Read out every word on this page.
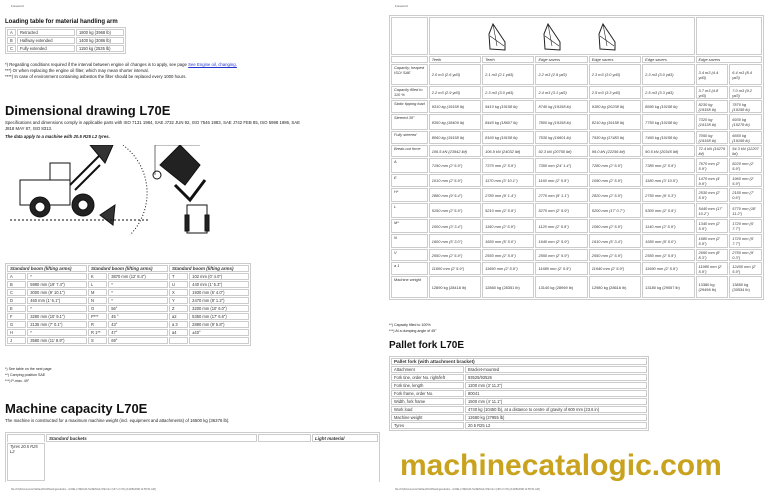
Foreword
Loading table for material handling arm
A	Retracted	1800 kg (3968 lb)
B	Halfway extended	1400 kg (3086 lb)
C	Fully extended	1150 kg (2535 lb)
*) Regarding conditions required if the interval between engine oil changes is to apply, see page See Engine oil, changing.
***) Or when replacing the engine oil filter, which may mean shorter interval.
****) In case of environment containing asbestos the filter should be replaced every 1000 hours.
Dimensional drawing L70E
Specifications and dimensions comply in applicable parts with ISO 7131 1984, SAE J732 JUN 92, ISO 7546 1983, SAE J742 FEB 85, ISO 5998 1986, SAE J818 MAY 87, ISO 8313.
The data apply to a machine with 20.5 R25 L2 tyres.
Standard boom (lifting arms)		Standard boom (lifting arms)		Standard boom (lifting arms)	
A	*	K	3870 mm (12' 8.4")	T	102 mm (0' 4.0")
B	5980 mm (19' 7.4")	L	*	U	440 mm (1' 5.3")
C	3000 mm (9' 10.1")	M	*	X	1930 mm (6' 4.0")
D	460 mm (1' 6.1")	N	*	Y	2470 mm (8' 1.2")
E	*	O	56°	Z	3200 mm (10' 6.0")
F	3280 mm (10' 9.1")	P***	45 °	a2	5350 mm (17' 6.6")
G	2135 mm (7' 0.1")	R	43°	a 3	2890 mm (9' 5.8")
H	*	R 1**	47°	a4	±40°
J	3580 mm (11' 8.9")	S	69°		
*) See table on the next page
**) Carrying position SAE
***) P-max. 49°
Machine capacity L70E
The machine is constructed for a maximum machine weight (incl. equipment and attachments) of 16500 kg (36376 lb).
	Standard buckets		Light material
Tyres 20.5 R25 L2			
file:///C|/Documents%20and%20Settings/ukrdoc.../L60E-L70E%20-%20ENG/L70E.htm (167 of 176) [14/08/2008 11:55:51 AM]
machinecatalogic.com
Foreword

	Teeth	Teeth	Edge savers	Edge savers	Edge savers	Edge savers	
Capacity, heaped ISO/ SAE	2.0 m3 (2.6 yd3)	2.1 m3 (2.1 yd3)	2.2 m3 (2.9 yd3)	2.3 m3 (3.0 yd3)	2.3 m3 (3.0 yd3)	3.4 m3 (4.4 yd3)	6.4 m3 (8.4 yd3)
Capacity filled to 110 %	2.2 m3 (2.9 yd3)	2.3 m3 (3.0 yd3)	2.4 m3 (3.1 yd3)	2.5 m3 (3.3 yd3)	2.5 m3 (3.3 yd3)	3.7 m3 (4.8 yd3)	7.0 m3 (9.2 yd3)
Static tipping load	9310 kg (19158 lb)	9410 kg (19158 lb)	8740 kg (19158 lb)	9180 kg (20238 lb)	8690 kg (19158 lb)	8230 kg (19158 lb)	7870 kg (19158 lb)
Steered 35°	8350 kg (18409 lb)	8440 kg (18607 lb)	7800 kg (19158 lb)	8210 kg (19158 lb)	7750 kg (19158 lb)	7320 kg (16138 lb)	6930 kg (15278 lb)
Fully steered	8060 kg (19158 lb)	8160 kg (19158 lb)	7530 kg (16601 lb)	7930 kg (17483 lb)	7460 kg (19158 lb)	7050 kg (19158 lb)	6650 kg (19158 lb)
Break-out force	106.5 kN (23942 lbf)	106.9 kN (24032 lbf)	92.3 kN (20750 lbf)	99.0 kN (22256 lbf)	90.5 kN (20345 lbf)	72.4 kN (16276 lbf)	54.3 kN (12207 lbf)
A	7190 mm (2' 5.9")	7370 mm (2' 5.9")	7350 mm (24' 1.4")	7280 mm (2' 5.9")	7380 mm (2' 5.9")	7670 mm (2' 5.9")	8220 mm (2' 5.9")
E	1010 mm (2' 5.9")	1170 mm (3' 10.1")	1160 mm (2' 5.9")	1090 mm (2' 5.9")	1180 mm (3' 10.5")	1470 mm (4' 9.9")	1960 mm (2' 5.9")
H*	2880 mm (9' 5.4")	2780 mm (9' 1.4")	2770 mm (9' 1.1")	2820 mm (2' 5.9")	2750 mm (9' 0.3")	2530 mm (2' 5.9")	2150 mm (7' 0.6")
L	5150 mm (2' 5.9")	5210 mm (2' 5.9")	5270 mm (2' 5.9")	5200 mm (17' 0.7")	5300 mm (2' 5.9")	5440 mm (17' 10.2")	5770 mm (18' 11.2")
M*	1000 mm (3' 3.4")	1160 mm (2' 5.9")	1120 mm (2' 5.9")	1060 mm (2' 5.9")	1140 mm (2' 5.9")	1340 mm (2' 5.9")	1720 mm (5' 7.7")
N	1600 mm (5' 3.0")	1650 mm (5' 5.0")	1640 mm (2' 5.9")	1610 mm (5' 3.4")	1650 mm (5' 5.0")	1680 mm (2' 5.9")	1720 mm (5' 7.7")
V	2550 mm (2' 5.9")	2550 mm (2' 5.9")	2550 mm (2' 5.9")	2550 mm (2' 5.9")	2550 mm (2' 5.9")	2650 mm (8' 8.3")	2750 mm (9' 0.3")
a 1	11600 mm (2' 5.9")	11690 mm (2' 5.9")	11680 mm (2' 5.9")	11640 mm (2' 5.9")	11690 mm (2' 5.9")	11980 mm (2' 5.9")	12400 mm (2' 5.9")
Machine weight	12890 kg (28418 lb)	12860 kg (28351 lb)	13140 kg (28969 lb)	12980 kg (28616 lb)	13180 kg (29057 lb)	13380 kg (29498 lb)	13850 kg (30534 lb)
**) Capacity filled to 100%
***) At a dumping angle of 45°
Pallet fork L70E
Pallet fork (with attachment bracket)	
Attachment	Bracket-mounted
Fork tine, order No. right/left	93525/93526
Fork tine, length	1200 mm (3' 11.2")
Fork frame, order No.	80041
Width, fork frame	1500 mm (4' 11.1")
Work load	4740 kg (10450 lb), at a distance to centre of gravity of 600 mm (23.6 in)
Machine weight	12680 kg (27955 lb)
Tyres	20.5 R25 L2
file:///C|/Documents%20and%20Settings/ukrdoc.../L60E-L70E%20-%20ENG/L70E.htm (168 of 176) [14/08/2008 11:55:51 AM]
